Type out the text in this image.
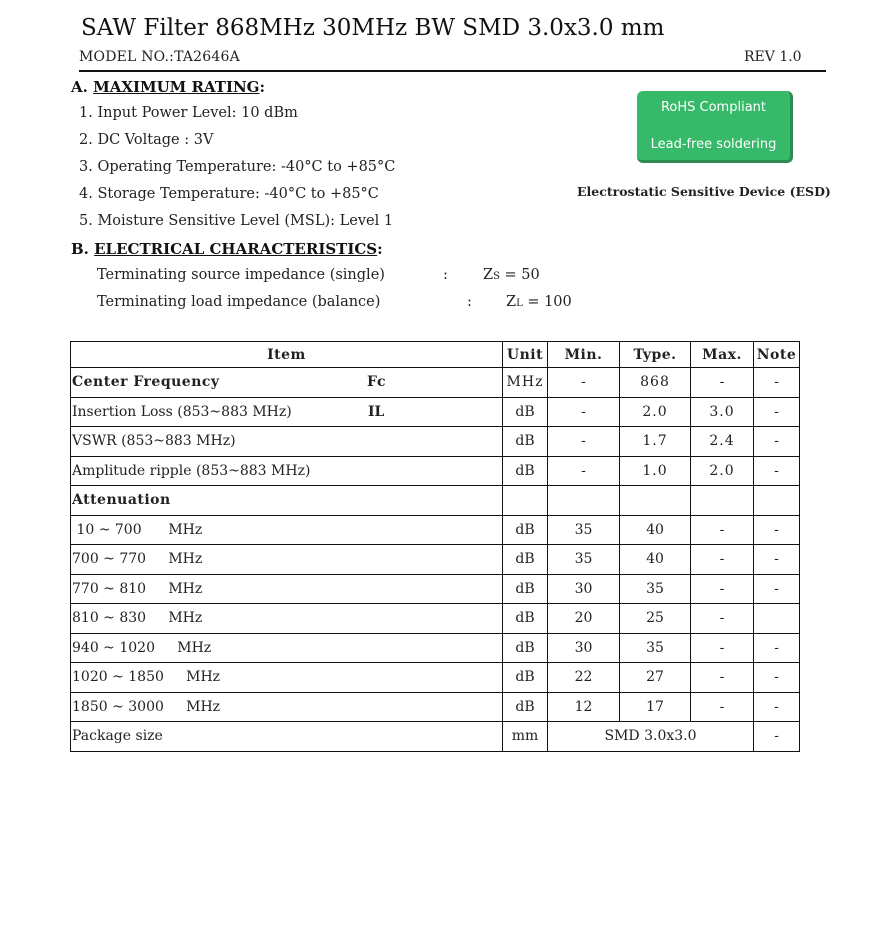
SAW Filter 868MHz 30MHz BW SMD 3.0x3.0 mm
MODEL NO.:TA2646A	REV 1.0
A. MAXIMUM RATING:
1. Input Power Level: 10 dBm
2. DC Voltage : 3V
3. Operating Temperature: -40°C to +85°C
4. Storage Temperature: -40°C to +85°C
5. Moisture Sensitive Level (MSL): Level 1
RoHS Compliant
Lead-free soldering
Electrostatic Sensitive Device (ESD)
B. ELECTRICAL CHARACTERISTICS:
Terminating source impedance (single)	: ZS = 50
Terminating load impedance (balance)	: ZL = 100
Item	Unit	Min.	Type.	Max.	Note
Center Frequency Fc	MHz	-	868	-	-
Insertion Loss (853~883 MHz) IL	dB	-	2.0	3.0	-
VSWR (853~883 MHz)	dB	-	1.7	2.4	-
Amplitude ripple (853~883 MHz)	dB	-	1.0	2.0	-
Attenuation					
10 ~ 700      MHz	dB	35	40	-	-
700 ~ 770     MHz	dB	35	40	-	-
770 ~ 810     MHz	dB	30	35	-	-
810 ~ 830     MHz	dB	20	25	-	
940 ~ 1020     MHz	dB	30	35	-	-
1020 ~ 1850     MHz	dB	22	27	-	-
1850 ~ 3000     MHz	dB	12	17	-	-
Package size	mm	SMD 3.0x3.0			-
